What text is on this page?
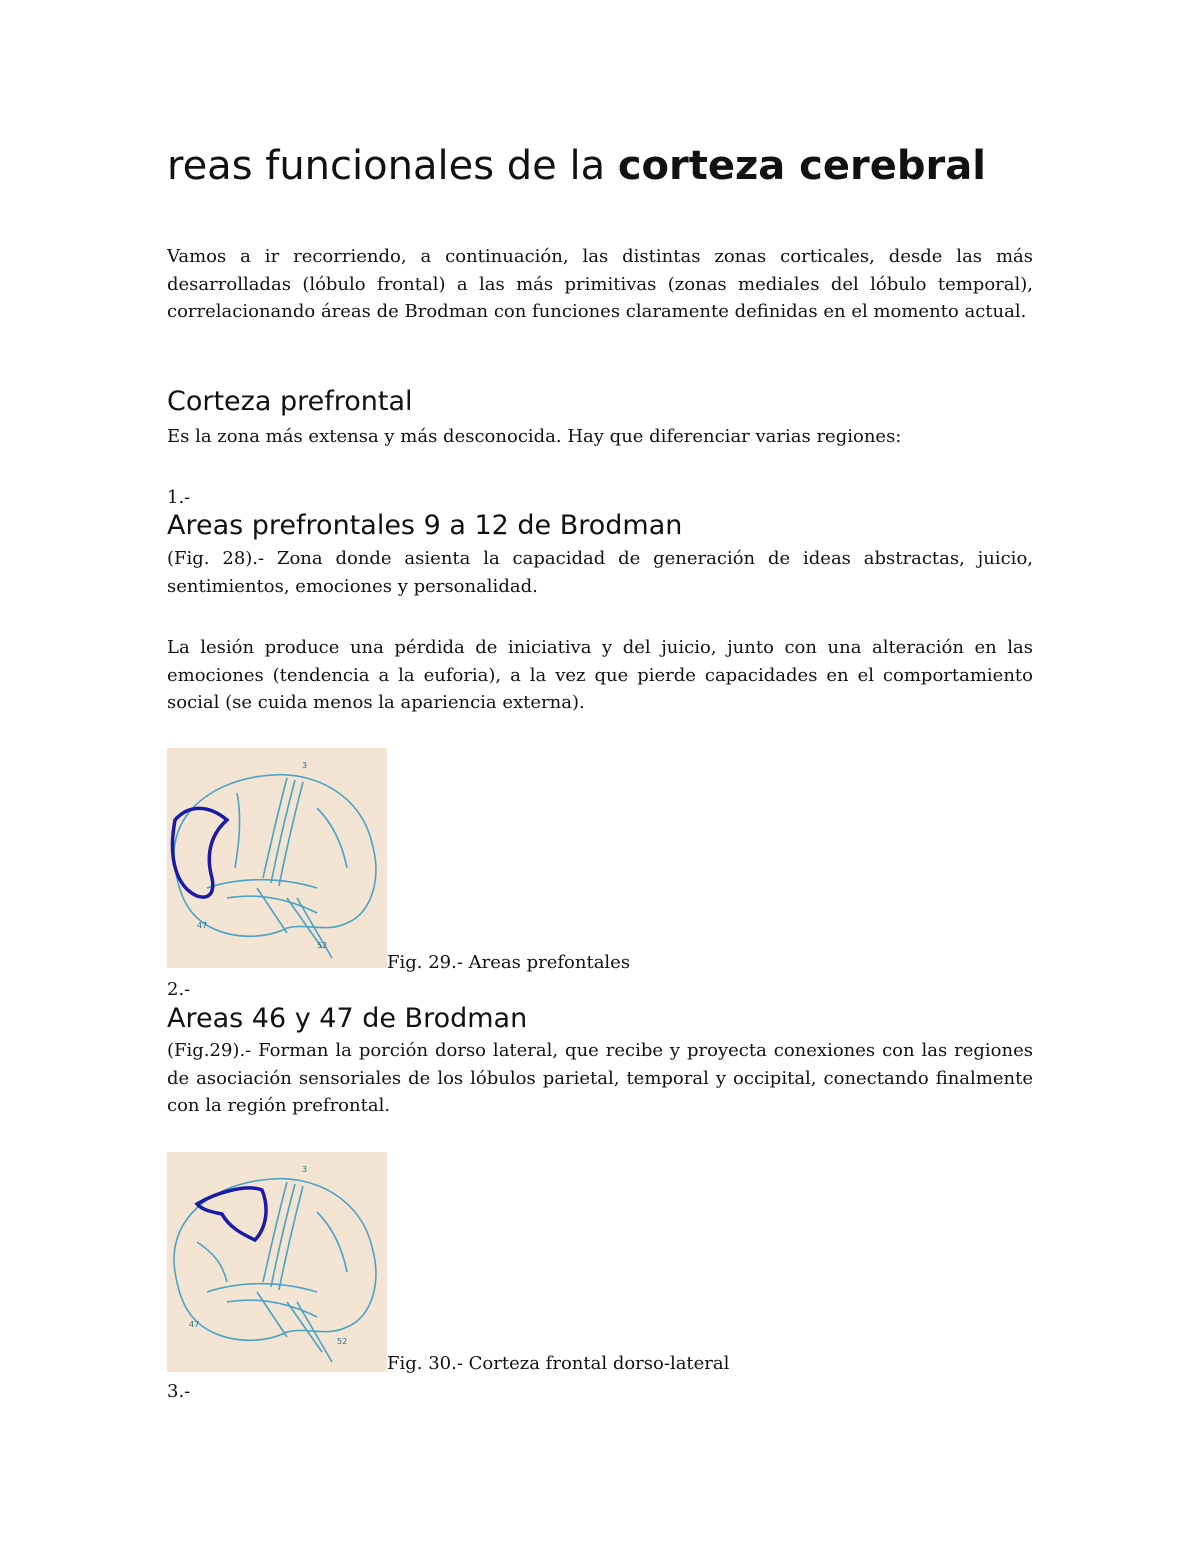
reas funcionales de la corteza cerebral
Vamos a ir recorriendo, a continuación, las distintas zonas corticales, desde las más desarrolladas (lóbulo frontal) a las más primitivas (zonas mediales del lóbulo temporal), correlacionando áreas de Brodman con funciones claramente definidas en el momento actual.
Corteza prefrontal
Es la zona más extensa y más desconocida. Hay que diferenciar varias regiones:
1.-
Areas prefrontales 9 a 12 de Brodman
(Fig. 28).- Zona donde asienta la capacidad de generación de ideas abstractas, juicio, sentimientos, emociones y personalidad.
La lesión produce una pérdida de iniciativa y del juicio, junto con una alteración en las emociones (tendencia a la euforia), a la vez que pierde capacidades en el comportamiento social (se cuida menos la apariencia externa).
3
47
52
Fig. 29.- Areas prefontales
2.-
Areas 46 y 47 de Brodman
(Fig.29).- Forman la porción dorso lateral, que recibe y proyecta conexiones con las regiones de asociación sensoriales de los lóbulos parietal, temporal y occipital, conectando finalmente con la región prefrontal.
3
47
52
Fig. 30.- Corteza frontal dorso-lateral
3.-
